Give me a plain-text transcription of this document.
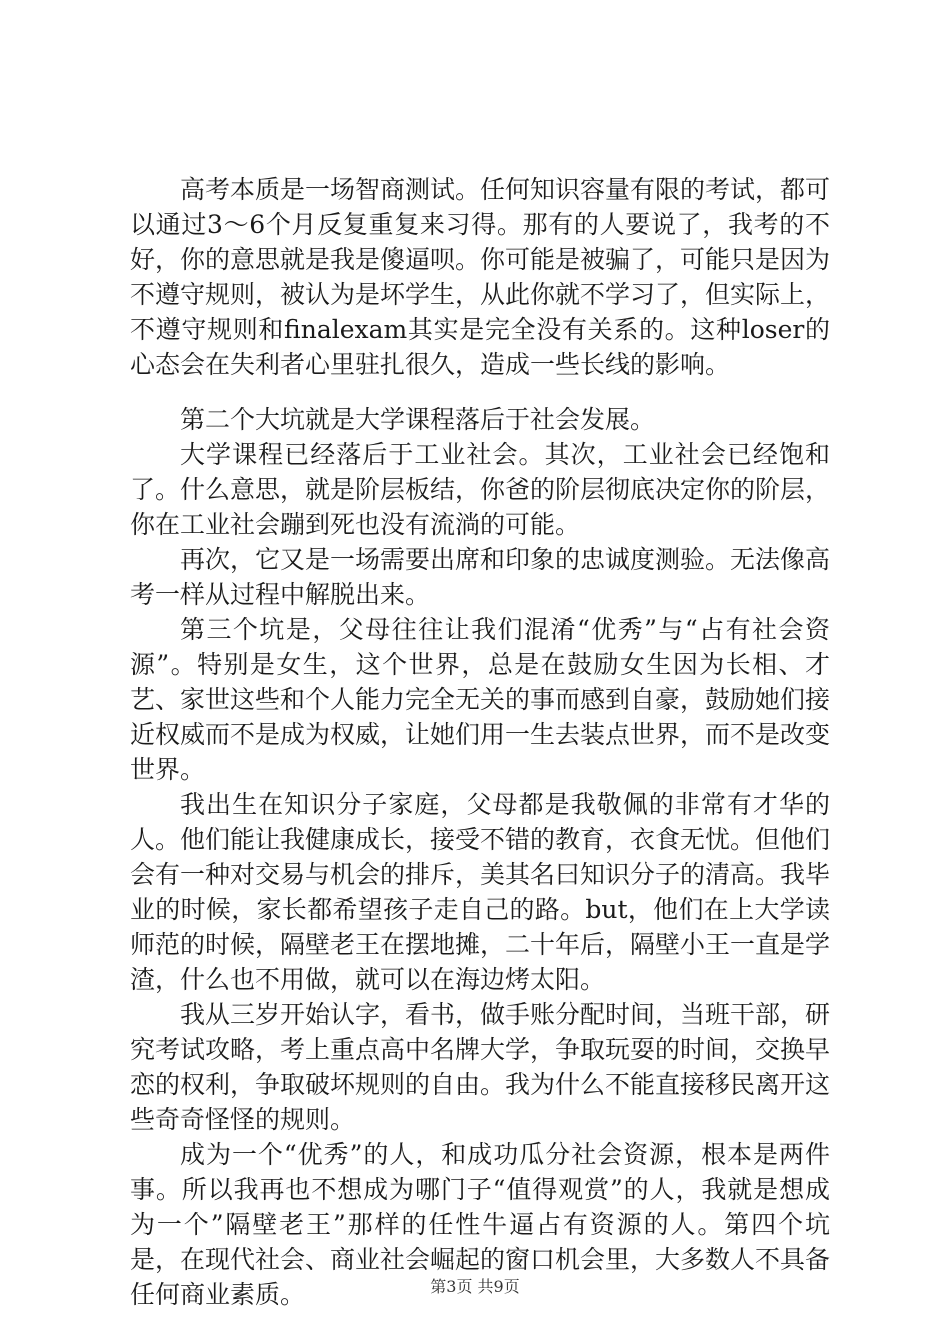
高考本质是一场智商测试。任何知识容量有限的考试，都可以通过3～6个月反复重复来习得。那有的人要说了，我考的不好，你的意思就是我是傻逼呗。你可能是被骗了，可能只是因为不遵守规则，被认为是坏学生，从此你就不学习了，但实际上，不遵守规则和finalexam其实是完全没有关系的。这种loser的心态会在失利者心里驻扎很久，造成一些长线的影响。

第二个大坑就是大学课程落后于社会发展。

大学课程已经落后于工业社会。其次，工业社会已经饱和了。什么意思，就是阶层板结，你爸的阶层彻底决定你的阶层，你在工业社会蹦到死也没有流淌的可能。

再次，它又是一场需要出席和印象的忠诚度测验。无法像高考一样从过程中解脱出来。

第三个坑是，父母往往让我们混淆“优秀”与“占有社会资源”。特别是女生，这个世界，总是在鼓励女生因为长相、才艺、家世这些和个人能力完全无关的事而感到自豪，鼓励她们接近权威而不是成为权威，让她们用一生去装点世界，而不是改变世界。

我出生在知识分子家庭，父母都是我敬佩的非常有才华的人。他们能让我健康成长，接受不错的教育，衣食无忧。但他们会有一种对交易与机会的排斥，美其名曰知识分子的清高。我毕业的时候，家长都希望孩子走自己的路。but，他们在上大学读师范的时候，隔壁老王在摆地摊，二十年后，隔壁小王一直是学渣，什么也不用做，就可以在海边烤太阳。

我从三岁开始认字，看书，做手账分配时间，当班干部，研究考试攻略，考上重点高中名牌大学，争取玩耍的时间，交换早恋的权利，争取破坏规则的自由。我为什么不能直接移民离开这些奇奇怪怪的规则。

成为一个“优秀”的人，和成功瓜分社会资源，根本是两件事。所以我再也不想成为哪门子“值得观赏”的人，我就是想成为一个”隔壁老王”那样的任性牛逼占有资源的人。第四个坑是，在现代社会、商业社会崛起的窗口机会里，大多数人不具备任何商业素质。	第3页 共9页
